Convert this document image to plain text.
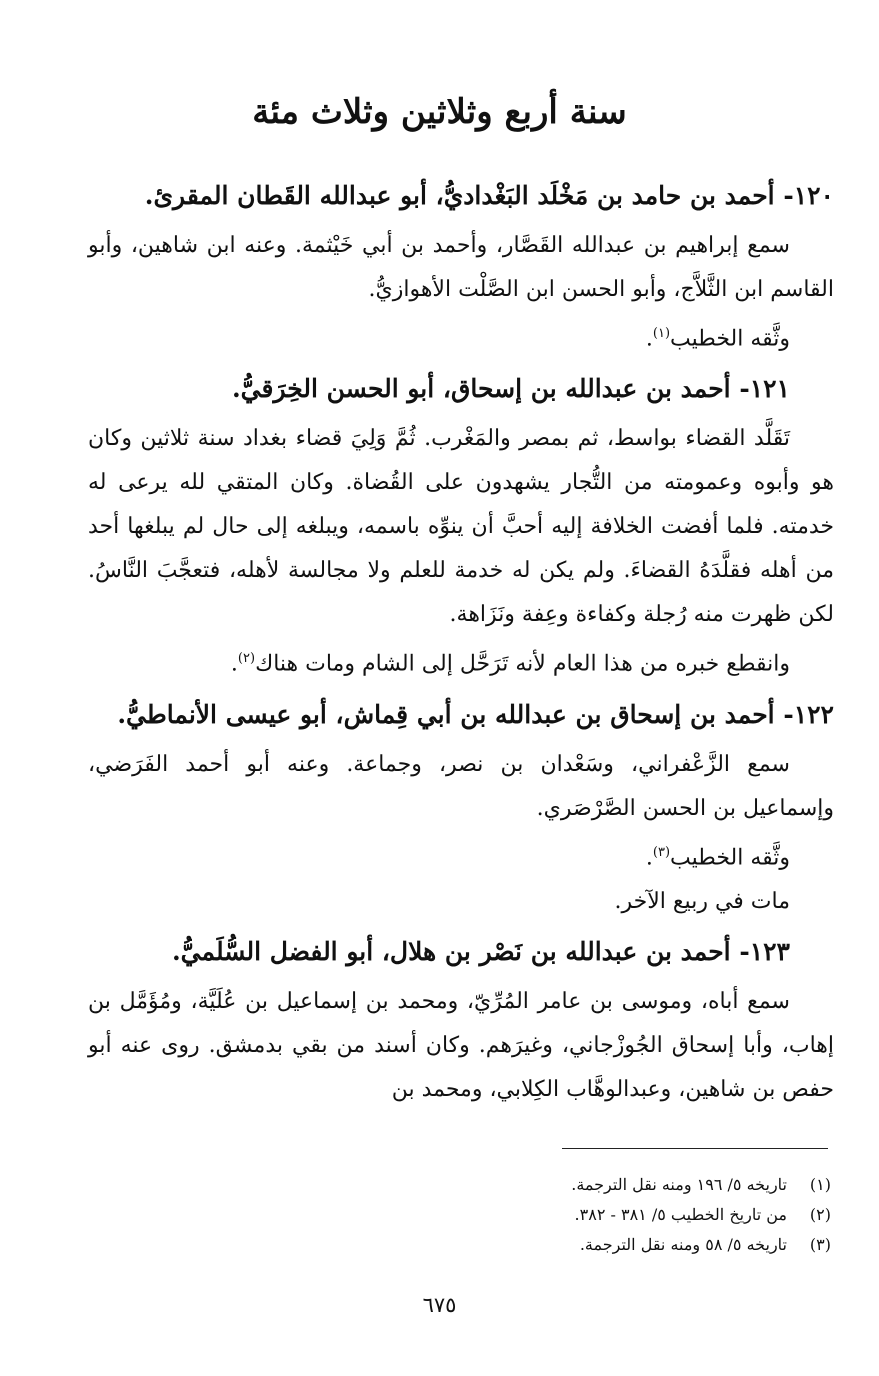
سنة أربع وثلاثين وثلاث مئة

١٢٠- أحمد بن حامد بن مَخْلَد البَغْداديُّ، أبو عبدالله القَطان المقرئ.

سمع إبراهيم بن عبدالله القَصَّار، وأحمد بن أبي خَيْثمة. وعنه ابن شاهين، وأبو القاسم ابن الثَّلاَّج، وأبو الحسن ابن الصَّلْت الأهوازيُّ.

وثَّقه الخطيب$^{(١)}$.

١٢١- أحمد بن عبدالله بن إسحاق، أبو الحسن الخِرَقيُّ.

تَقَلَّد القضاء بواسط، ثم بمصر والمَغْرب. ثُمَّ وَلِيَ قضاء بغداد سنة ثلاثين وكان هو وأبوه وعمومته من التُّجار يشهدون على القُضاة. وكان المتقي لله يرعى له خدمته. فلما أفضت الخلافة إليه أحبَّ أن ينوِّه باسمه، ويبلغه إلى حال لم يبلغها أحد من أهله فقلَّدَهُ القضاءَ. ولم يكن له خدمة للعلم ولا مجالسة لأهله، فتعجَّبَ النَّاسُ. لكن ظهرت منه رُجلة وكفاءة وعِفة ونَزَاهة.

وانقطع خبره من هذا العام لأنه تَرَحَّل إلى الشام ومات هناك$^{(٢)}$.

١٢٢- أحمد بن إسحاق بن عبدالله بن أبي قِماش، أبو عيسى الأنماطيُّ.

سمع الزَّعْفراني، وسَعْدان بن نصر، وجماعة. وعنه أبو أحمد الفَرَضي، وإسماعيل بن الحسن الصَّرْصَري.

وثَّقه الخطيب$^{(٣)}$.

مات في ربيع الآخر.

١٢٣- أحمد بن عبدالله بن نَصْر بن هلال، أبو الفضل السُّلَميُّ.

سمع أباه، وموسى بن عامر المُرِّيّ، ومحمد بن إسماعيل بن عُلَيَّة، ومُؤَمَّل بن إهاب، وأبا إسحاق الجُوزْجاني، وغيرَهم. وكان أسند من بقي بدمشق. روى عنه أبو حفص بن شاهين، وعبدالوهَّاب الكِلابي، ومحمد بن

(١)تاريخه ٥/ ١٩٦ ومنه نقل الترجمة.
(٢)من تاريخ الخطيب ٥/ ٣٨١ - ٣٨٢.
(٣)تاريخه ٥/ ٥٨ ومنه نقل الترجمة.
٦٧٥
